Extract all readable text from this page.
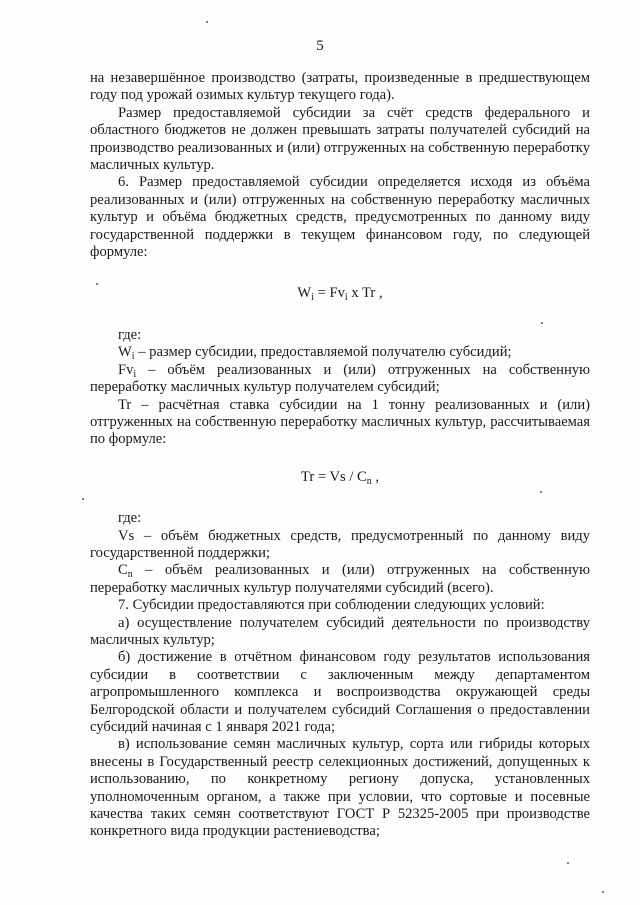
5

на незавершённое производство (затраты, произведенные в предшествующем году под урожай озимых культур текущего года).

Размер предоставляемой субсидии за счёт средств федерального и областного бюджетов не должен превышать затраты получателей субсидий на производство реализованных и (или) отгруженных на собственную переработку масличных культур.

6. Размер предоставляемой субсидии определяется исходя из объёма реализованных и (или) отгруженных на собственную переработку масличных культур и объёма бюджетных средств, предусмотренных по данному виду государственной поддержки в текущем финансовом году, по следующей формуле:

$W_i = Fv_i$ x Tr ,

где:

$W_i$ – размер субсидии, предоставляемой получателю субсидий;

$Fv_i$ – объём реализованных и (или) отгруженных на собственную переработку масличных культур получателем субсидий;

Tr – расчётная ставка субсидии на 1 тонну реализованных и (или) отгруженных на собственную переработку масличных культур, рассчитываемая по формуле:

$Tr = Vs / C_n$ ,

где:

Vs – объём бюджетных средств, предусмотренный по данному виду государственной поддержки;

$C_n$ – объём реализованных и (или) отгруженных на собственную переработку масличных культур получателями субсидий (всего).

7. Субсидии предоставляются при соблюдении следующих условий:

а) осуществление получателем субсидий деятельности по производству масличных культур;

б) достижение в отчётном финансовом году результатов использования субсидии в соответствии с заключенным между департаментом агропромышленного комплекса и воспроизводства окружающей среды Белгородской области и получателем субсидий Соглашения о предоставлении субсидий начиная с 1 января 2021 года;

в) использование семян масличных культур, сорта или гибриды которых внесены в Государственный реестр селекционных достижений, допущенных к использованию, по конкретному региону допуска, установленных уполномоченным органом, а также при условии, что сортовые и посевные качества таких семян соответствуют ГОСТ Р 52325-2005 при производстве конкретного вида продукции растениеводства;
